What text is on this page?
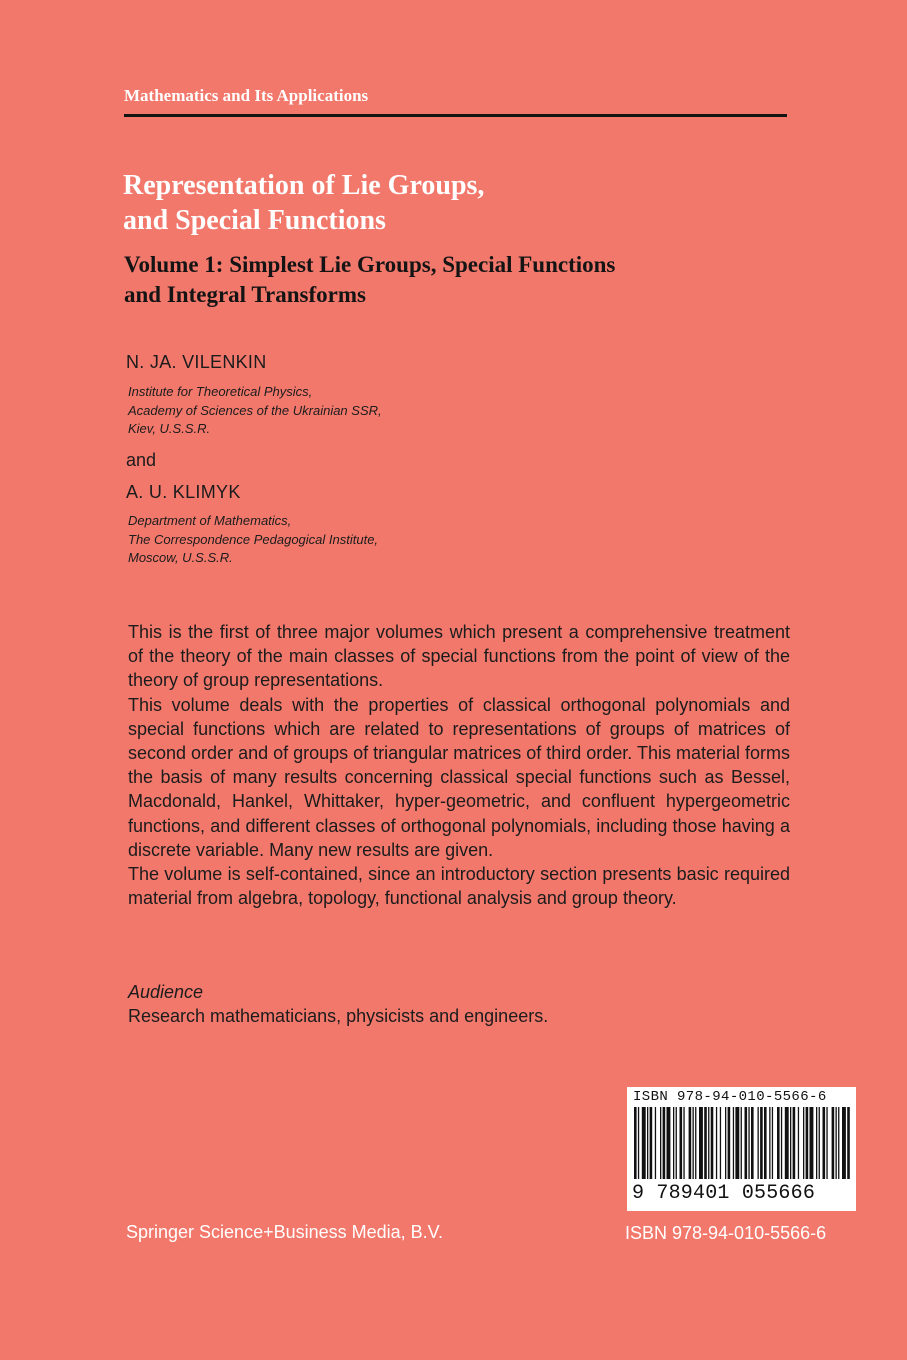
Mathematics and Its Applications
Representation of Lie Groups,
and Special Functions
Volume 1: Simplest Lie Groups, Special Functions
and Integral Transforms
N. JA. VILENKIN
Institute for Theoretical Physics,
Academy of Sciences of the Ukrainian SSR,
Kiev, U.S.S.R.
and
A. U. KLIMYK
Department of Mathematics,
The Correspondence Pedagogical Institute,
Moscow, U.S.S.R.

This is the first of three major volumes which present a comprehensive treatment of the theory of the main classes of special functions from the point of view of the theory of group representations.

This volume deals with the properties of classical orthogonal polynomials and special functions which are related to representations of groups of matrices of second order and of groups of triangular matrices of third order. This material forms the basis of many results concerning classical special functions such as Bessel, Macdonald, Hankel, Whittaker, hyper-geometric, and confluent hypergeometric functions, and different classes of orthogonal polynomials, including those having a discrete variable. Many new results are given.

The volume is self-contained, since an introductory section presents basic required material from algebra, topology, functional analysis and group theory.

Audience
Research mathematicians, physicists and engineers.
ISBN 978-94-010-5566-6
9 789401 055666
Springer Science+Business Media, B.V.	ISBN 978-94-010-5566-6
